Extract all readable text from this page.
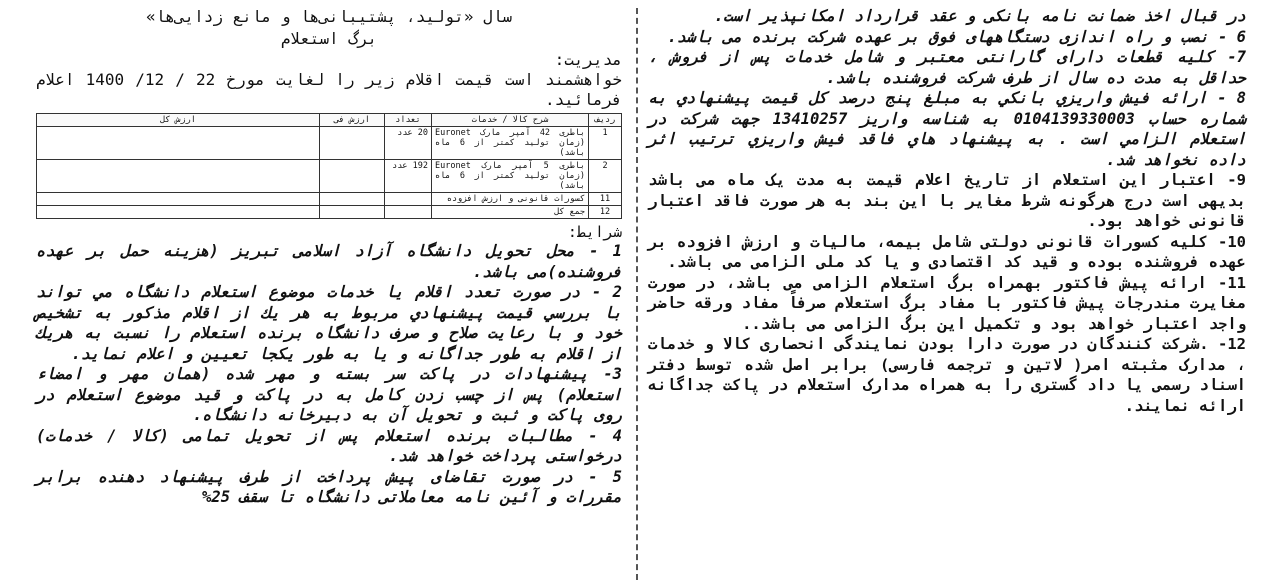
سال «تولید، پشتیبانی‌ها و مانع زدایی‌ها»

برگ استعلام

مدیریت:

خواهشمند است قیمت اقلام زیر را لغایت مورخ 22 / 12/ 1400 اعلام فرمائید.

ردیف	شرح کالا / خدمات	تعداد	ارزش فی	ارزش کل
1	باطری 42 آمپر مارک Euronet (زمان تولید کمتر از 6 ماه باشد)	20 عدد		
2	باطری 5 آمپر مارک Euronet (زمان تولید کمتر از 6 ماه باشد)	192 عدد		
11	کسورات قانونی و ارزش افزوده			
12	جمع کل			

شرایط:

1 - محل تحویل دانشگاه آزاد اسلامی تبریز (هزینه حمل بر عهده فروشنده)می باشد.

2 - در صورت تعدد اقلام یا خدمات موضوع استعلام دانشگاه مي تواند با بررسي قيمت پيشنهادي مربوط به هر يك از اقلام مذکور به تشخیص خود و با رعايت صلاح و صرف دانشگاه برنده استعلام را نسبت به هريك از اقلام به طور جداگانه و يا به طور يكجا تعيين و اعلام نمايد.

3- پیشنهادات در پاکت سر بسته و مهر شده (همان مهر و امضاء استعلام) پس از چسب زدن کامل به در پاکت و قید موضوع استعلام در روی پاکت و ثبت و تحویل آن به دبیرخانه دانشگاه.

4 - مطالبات برنده استعلام پس از تحویل تمامی (کالا / خدمات) درخواستی پرداخت خواهد شد.

5 - در صورت تقاضای پیش پرداخت از طرف پیشنهاد دهنده برابر مقررات و آئین نامه معاملاتی دانشگاه تا سقف 25%

در قبال اخذ ضمانت نامه بانکی و عقد قرارداد امکانپذیر است.

6 - نصب و راه اندازی دستگاههای فوق بر عهده شرکت برنده می باشد.

7- کلیه قطعات دارای گارانتی معتبر و شامل خدمات پس از فروش ، حداقل به مدت ده سال از طرف شرکت فروشنده باشد.

8 - ارائه فیش واریزي بانكي به مبلغ پنج درصد کل قیمت پیشنهادي به شماره حساب 0104139330003 به شناسه واریز 13410257 جهت شرکت در استعلام الزامي است . به پیشنهاد هاي فاقد فیش واریزي ترتیب اثر داده نخواهد شد.

9- اعتبار این استعلام از تاریخ اعلام قیمت به مدت یک ماه می باشد بدیهی است درج هرگونه شرط مغایر با این بند به هر صورت فاقد اعتبار قانونی خواهد بود.

10- کلیه کسورات قانونی دولتی شامل بیمه، مالیات و ارزش افزوده بر عهده فروشنده بوده و قید کد اقتصادی و یا کد ملی الزامی می باشد.

11- ارائه پیش فاکتور بهمراه برگ استعلام الزامی می باشد، در صورت مغایرت مندرجات پیش فاکتور با مفاد برگ استعلام صرفاً مفاد ورقه حاضر واجد اعتبار خواهد بود و تکمیل این برگ الزامی می باشد..

12- .شرکت کنندگان در صورت دارا بودن نمایندگی انحصاری کالا و خدمات ، مدارک مثبته امر( لاتین و ترجمه فارسی) برابر اصل شده توسط دفتر اسناد رسمی یا داد گستری را به همراه مدارک استعلام در پاکت جداگانه ارائه نمایند.
